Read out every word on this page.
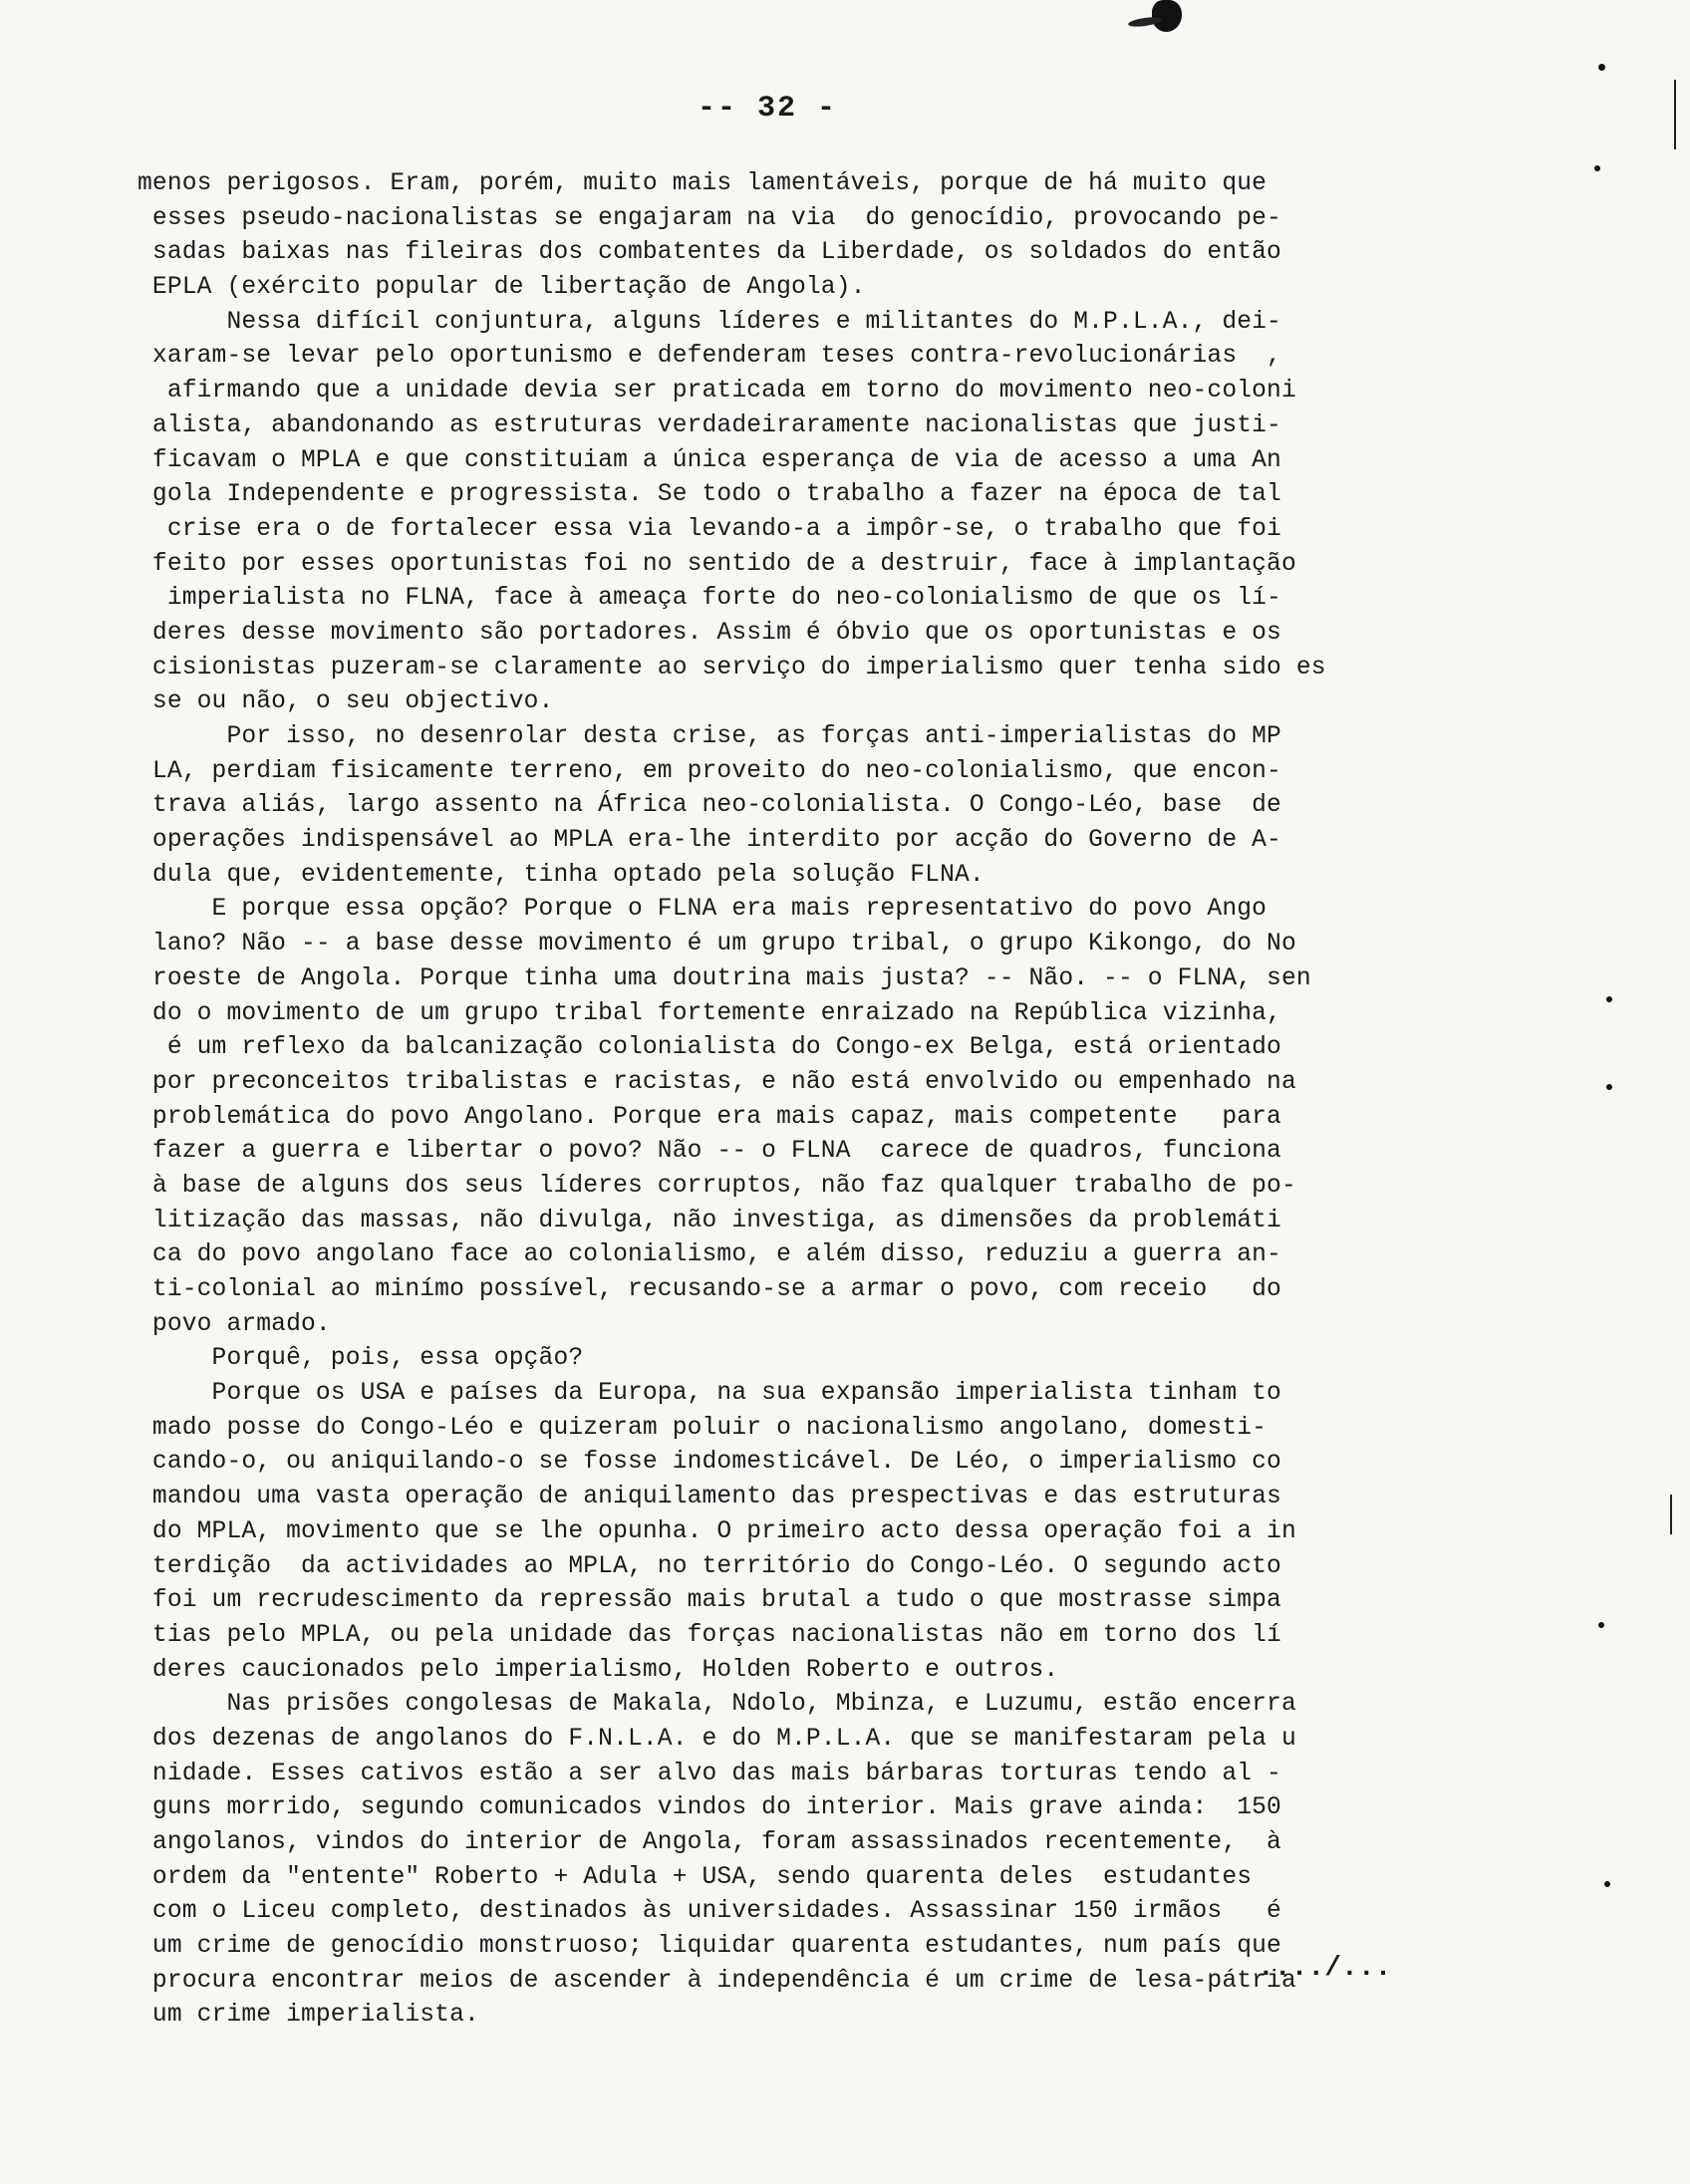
-- 32 -
menos perigosos. Eram, porém, muito mais lamentáveis, porque de há muito que
esses pseudo-nacionalistas se engajaram na via  do genocídio, provocando pe-
sadas baixas nas fileiras dos combatentes da Liberdade, os soldados do então
EPLA (exército popular de libertação de Angola).
Nessa difícil conjuntura, alguns líderes e militantes do M.P.L.A., dei-
xaram-se levar pelo oportunismo e defenderam teses contra-revolucionárias  ,
afirmando que a unidade devia ser praticada em torno do movimento neo-coloni
alista, abandonando as estruturas verdadeiraramente nacionalistas que justi-
ficavam o MPLA e que constituiam a única esperança de via de acesso a uma An
gola Independente e progressista. Se todo o trabalho a fazer na época de tal
crise era o de fortalecer essa via levando-a a impôr-se, o trabalho que foi
feito por esses oportunistas foi no sentido de a destruir, face à implantação
imperialista no FLNA, face à ameaça forte do neo-colonialismo de que os lí-
deres desse movimento são portadores. Assim é óbvio que os oportunistas e os
cisionistas puzeram-se claramente ao serviço do imperialismo quer tenha sido es
se ou não, o seu objectivo.
Por isso, no desenrolar desta crise, as forças anti-imperialistas do MP
LA, perdiam fisicamente terreno, em proveito do neo-colonialismo, que encon-
trava aliás, largo assento na África neo-colonialista. O Congo-Léo, base  de
operações indispensável ao MPLA era-lhe interdito por acção do Governo de A-
dula que, evidentemente, tinha optado pela solução FLNA.
E porque essa opção? Porque o FLNA era mais representativo do povo Ango
lano? Não -- a base desse movimento é um grupo tribal, o grupo Kikongo, do No
roeste de Angola. Porque tinha uma doutrina mais justa? -- Não. -- o FLNA, sen
do o movimento de um grupo tribal fortemente enraizado na República vizinha,
é um reflexo da balcanização colonialista do Congo-ex Belga, está orientado
por preconceitos tribalistas e racistas, e não está envolvido ou empenhado na
problemática do povo Angolano. Porque era mais capaz, mais competente   para
fazer a guerra e libertar o povo? Não -- o FLNA  carece de quadros, funciona
à base de alguns dos seus líderes corruptos, não faz qualquer trabalho de po-
litização das massas, não divulga, não investiga, as dimensões da problemáti
ca do povo angolano face ao colonialismo, e além disso, reduziu a guerra an-
ti-colonial ao minímo possível, recusando-se a armar o povo, com receio   do
povo armado.
Porquê, pois, essa opção?
Porque os USA e países da Europa, na sua expansão imperialista tinham to
mado posse do Congo-Léo e quizeram poluir o nacionalismo angolano, domesti-
cando-o, ou aniquilando-o se fosse indomesticável. De Léo, o imperialismo co
mandou uma vasta operação de aniquilamento das prespectivas e das estruturas
do MPLA, movimento que se lhe opunha. O primeiro acto dessa operação foi a in
terdição  da actividades ao MPLA, no território do Congo-Léo. O segundo acto
foi um recrudescimento da repressão mais brutal a tudo o que mostrasse simpa
tias pelo MPLA, ou pela unidade das forças nacionalistas não em torno dos lí
deres caucionados pelo imperialismo, Holden Roberto e outros.
Nas prisões congolesas de Makala, Ndolo, Mbinza, e Luzumu, estão encerra
dos dezenas de angolanos do F.N.L.A. e do M.P.L.A. que se manifestaram pela u
nidade. Esses cativos estão a ser alvo das mais bárbaras torturas tendo al -
guns morrido, segundo comunicados vindos do interior. Mais grave ainda:  150
angolanos, vindos do interior de Angola, foram assassinados recentemente,  à
ordem da "entente" Roberto + Adula + USA, sendo quarenta deles  estudantes
com o Liceu completo, destinados às universidades. Assassinar 150 irmãos   é
um crime de genocídio monstruoso; liquidar quarenta estudantes, num país que
procura encontrar meios de ascender à independência é um crime de lesa-pátria
um crime imperialista.
..../...
